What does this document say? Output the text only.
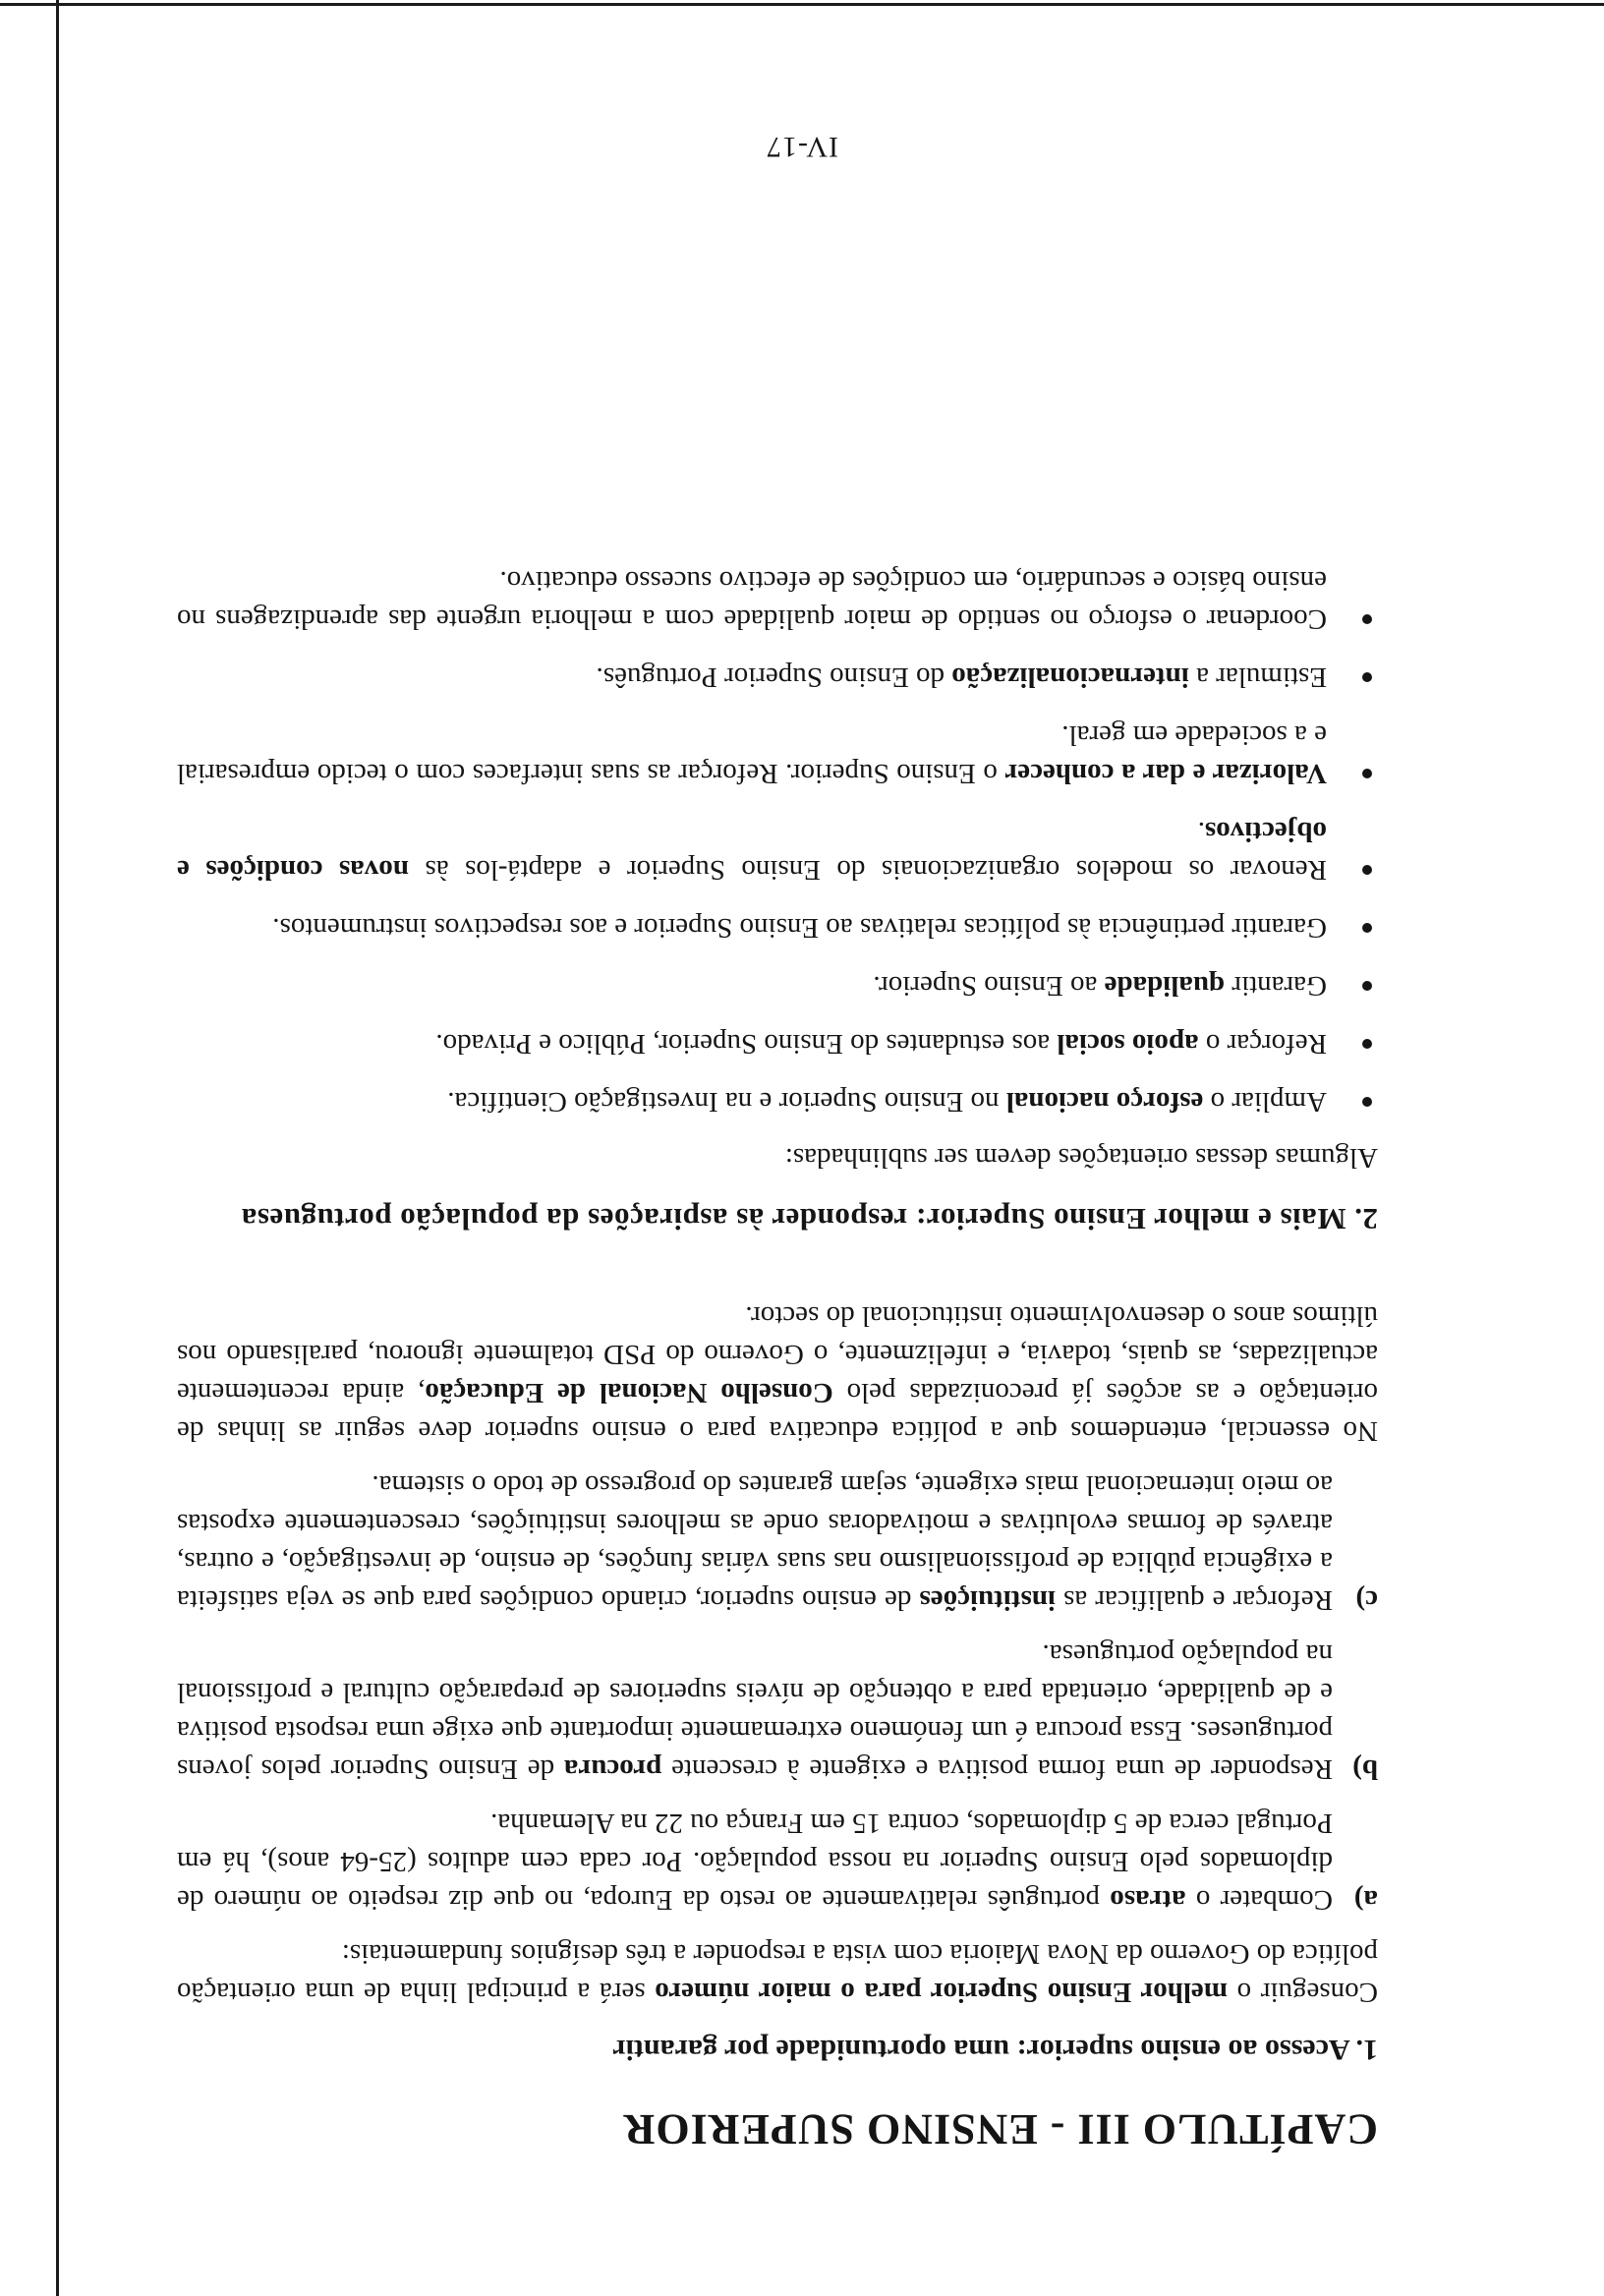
CAPÍTULO III - ENSINO SUPERIOR
1. Acesso ao ensino superior: uma oportunidade por garantir

Conseguir o melhor Ensino Superior para o maior número será a principal linha de uma orientação política do Governo da Nova Maioria com vista a responder a três desígnios fundamentais:

a)
Combater o atraso português relativamente ao resto da Europa, no que diz respeito ao número de diplomados pelo Ensino Superior na nossa população. Por cada cem adultos (25-64 anos), há em Portugal cerca de 5 diplomados, contra 15 em França ou 22 na Alemanha.
b)
Responder de uma forma positiva e exigente à crescente procura de Ensino Superior pelos jovens portugueses. Essa procura é um fenómeno extremamente importante que exige uma resposta positiva e de qualidade, orientada para a obtenção de níveis superiores de preparação cultural e profissional na população portuguesa.
c)
Reforçar e qualificar as instituições de ensino superior, criando condições para que se veja satisfeita a exigência pública de profissionalismo nas suas várias funções, de ensino, de investigação, e outras, através de formas evolutivas e motivadoras onde as melhores instituições, crescentemente expostas ao meio internacional mais exigente, sejam garantes do progresso de todo o sistema.

No essencial, entendemos que a política educativa para o ensino superior deve seguir as linhas de orientação e as acções já preconizadas pelo Conselho Nacional de Educação, ainda recentemente actualizadas, as quais, todavia, e infelizmente, o Governo do PSD totalmente ignorou, paralisando nos últimos anos o desenvolvimento institucional do sector.

2. Mais e melhor Ensino Superior: responder às aspirações da população portuguesa

Algumas dessas orientações devem ser sublinhadas:

Ampliar o esforço nacional no Ensino Superior e na Investigação Científica.
Reforçar o apoio social aos estudantes do Ensino Superior, Público e Privado.
Garantir qualidade ao Ensino Superior.
Garantir pertinência às políticas relativas ao Ensino Superior e aos respectivos instrumentos.
Renovar os modelos organizacionais do Ensino Superior e adaptá-los às novas condições e objectivos.
Valorizar e dar a conhecer o Ensino Superior. Reforçar as suas interfaces com o tecido empresarial e a sociedade em geral.
Estimular a internacionalização do Ensino Superior Português.
Coordenar o esforço no sentido de maior qualidade com a melhoria urgente das aprendizagens no ensino básico e secundário, em condições de efectivo sucesso educativo.
IV-17
